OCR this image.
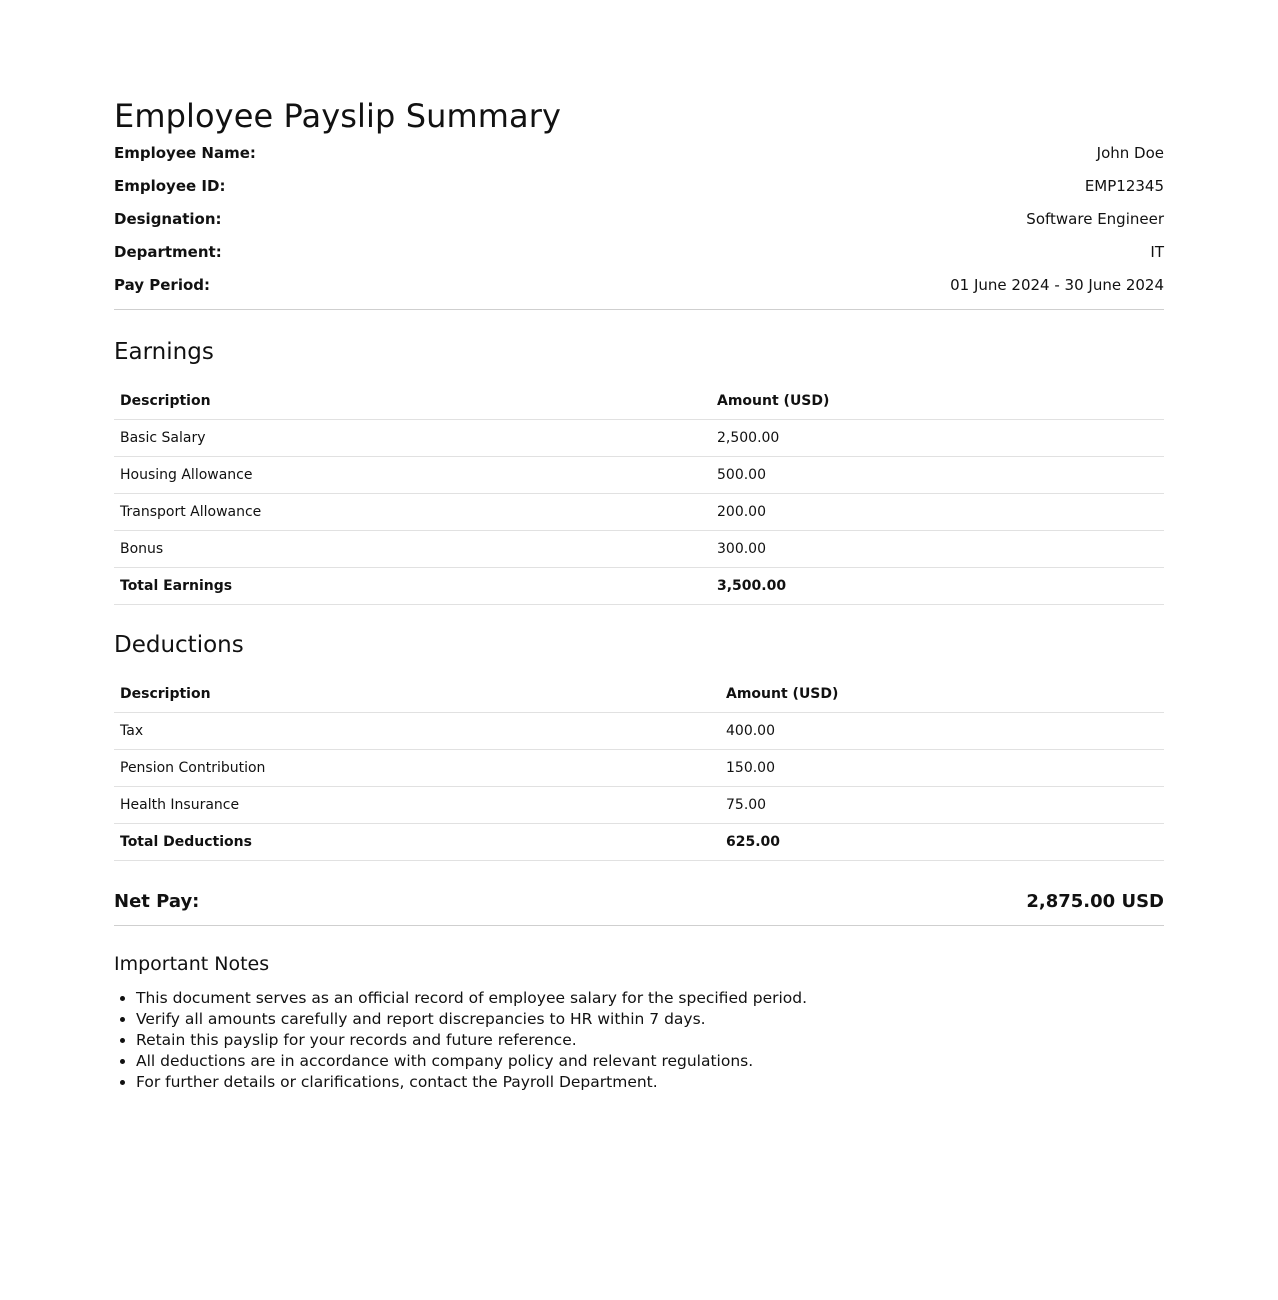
Employee Payslip Summary
Employee Name:	John Doe
Employee ID:	EMP12345
Designation:	Software Engineer
Department:	IT
Pay Period:	01 June 2024 - 30 June 2024
Earnings
Description	Amount (USD)
Basic Salary	2,500.00
Housing Allowance	500.00
Transport Allowance	200.00
Bonus	300.00
Total Earnings	3,500.00
Deductions
Description	Amount (USD)
Tax	400.00
Pension Contribution	150.00
Health Insurance	75.00
Total Deductions	625.00
Net Pay:	2,875.00 USD
Important Notes
• This document serves as an official record of employee salary for the specified period.
• Verify all amounts carefully and report discrepancies to HR within 7 days.
• Retain this payslip for your records and future reference.
• All deductions are in accordance with company policy and relevant regulations.
• For further details or clarifications, contact the Payroll Department.
